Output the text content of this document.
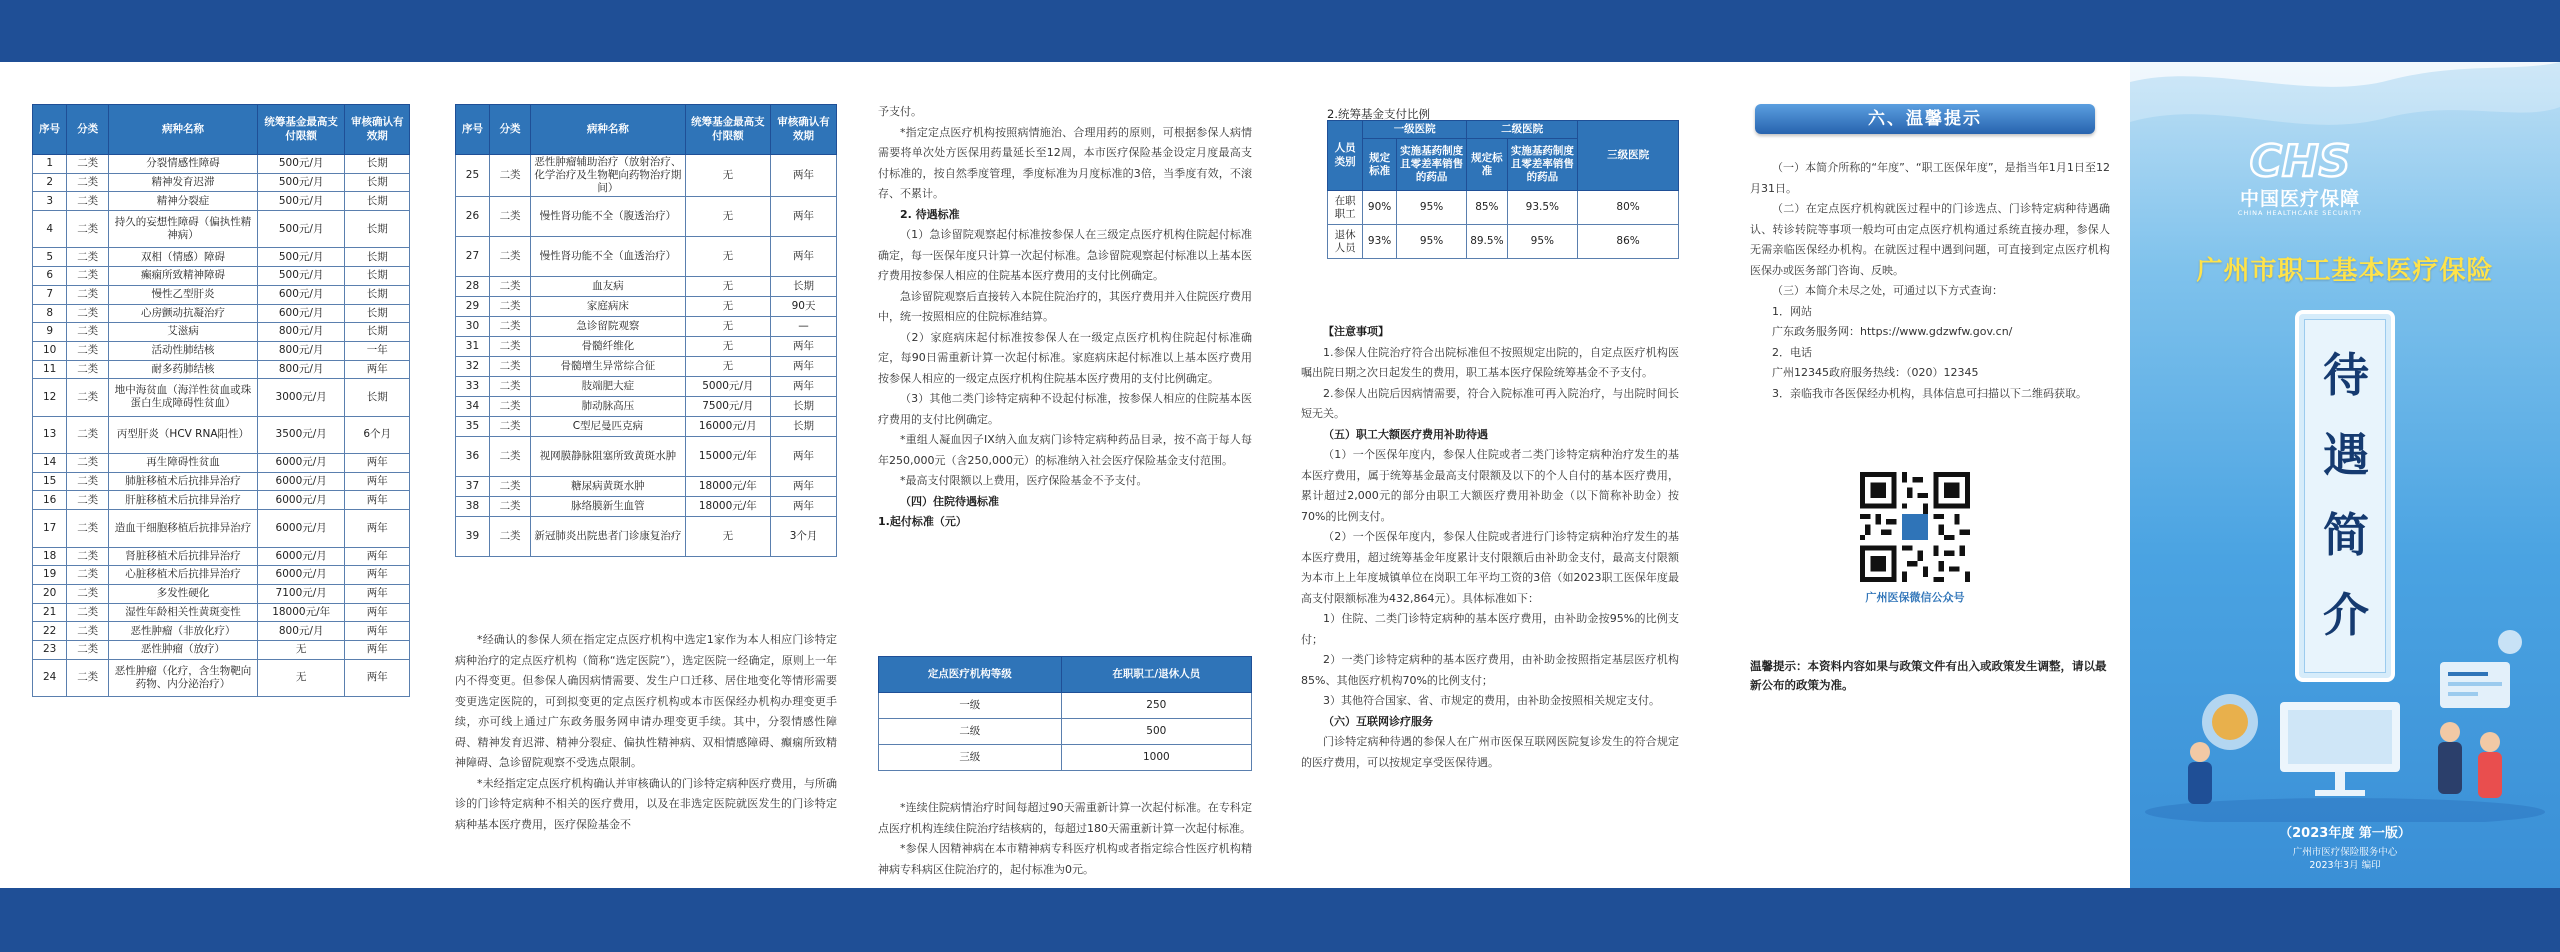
序号	分类	病种名称	统筹基金最高支付限额	审核确认有效期
1	二类	分裂情感性障碍	500元/月	长期
2	二类	精神发育迟滞	500元/月	长期
3	二类	精神分裂症	500元/月	长期
4	二类	持久的妄想性障碍（偏执性精神病）	500元/月	长期
5	二类	双相（情感）障碍	500元/月	长期
6	二类	癫痫所致精神障碍	500元/月	长期
7	二类	慢性乙型肝炎	600元/月	长期
8	二类	心房颤动抗凝治疗	600元/月	长期
9	二类	艾滋病	800元/月	长期
10	二类	活动性肺结核	800元/月	一年
11	二类	耐多药肺结核	800元/月	两年
12	二类	地中海贫血（海洋性贫血或珠蛋白生成障碍性贫血）	3000元/月	长期
13	二类	丙型肝炎（HCV RNA阳性）	3500元/月	6个月
14	二类	再生障碍性贫血	6000元/月	两年
15	二类	肺脏移植术后抗排异治疗	6000元/月	两年
16	二类	肝脏移植术后抗排异治疗	6000元/月	两年
17	二类	造血干细胞移植后抗排异治疗	6000元/月	两年
18	二类	肾脏移植术后抗排异治疗	6000元/月	两年
19	二类	心脏移植术后抗排异治疗	6000元/月	两年
20	二类	多发性硬化	7100元/月	两年
21	二类	湿性年龄相关性黄斑变性	18000元/年	两年
22	二类	恶性肿瘤（非放化疗）	800元/月	两年
23	二类	恶性肿瘤（放疗）	无	两年
24	二类	恶性肿瘤（化疗，含生物靶向药物、内分泌治疗）	无	两年
序号	分类	病种名称	统筹基金最高支付限额	审核确认有效期
25	二类	恶性肿瘤辅助治疗（放射治疗、化学治疗及生物靶向药物治疗期间）	无	两年
26	二类	慢性肾功能不全（腹透治疗）	无	两年
27	二类	慢性肾功能不全（血透治疗）	无	两年
28	二类	血友病	无	长期
29	二类	家庭病床	无	90天
30	二类	急诊留院观察	无	—
31	二类	骨髓纤维化	无	两年
32	二类	骨髓增生异常综合征	无	两年
33	二类	肢端肥大症	5000元/月	两年
34	二类	肺动脉高压	7500元/月	长期
35	二类	C型尼曼匹克病	16000元/月	长期
36	二类	视网膜静脉阻塞所致黄斑水肿	15000元/年	两年
37	二类	糖尿病黄斑水肿	18000元/年	两年
38	二类	脉络膜新生血管	18000元/年	两年
39	二类	新冠肺炎出院患者门诊康复治疗	无	3个月

*经确认的参保人须在指定定点医疗机构中选定1家作为本人相应门诊特定病种治疗的定点医疗机构（简称“选定医院”），选定医院一经确定，原则上一年内不得变更。但参保人确因病情需要、发生户口迁移、居住地变化等情形需要变更选定医院的，可到拟变更的定点医疗机构或本市医保经办机构办理变更手续，亦可线上通过广东政务服务网申请办理变更手续。其中，分裂情感性障碍、精神发育迟滞、精神分裂症、偏执性精神病、双相情感障碍、癫痫所致精神障碍、急诊留院观察不受选点限制。

*未经指定定点医疗机构确认并审核确认的门诊特定病种医疗费用，与所确诊的门诊特定病种不相关的医疗费用，以及在非选定医院就医发生的门诊特定病种基本医疗费用，医疗保险基金不

予支付。

*指定定点医疗机构按照病情施治、合理用药的原则，可根据参保人病情需要将单次处方医保用药量延长至12周，本市医疗保险基金设定月度最高支付标准的，按自然季度管理，季度标准为月度标准的3倍，当季度有效，不滚存、不累计。

2. 待遇标准

（1）急诊留院观察起付标准按参保人在三级定点医疗机构住院起付标准确定，每一医保年度只计算一次起付标准。急诊留院观察起付标准以上基本医疗费用按参保人相应的住院基本医疗费用的支付比例确定。

急诊留院观察后直接转入本院住院治疗的，其医疗费用并入住院医疗费用中，统一按照相应的住院标准结算。

（2）家庭病床起付标准按参保人在一级定点医疗机构住院起付标准确定，每90日需重新计算一次起付标准。家庭病床起付标准以上基本医疗费用按参保人相应的一级定点医疗机构住院基本医疗费用的支付比例确定。

（3）其他二类门诊特定病种不设起付标准，按参保人相应的住院基本医疗费用的支付比例确定。

*重组人凝血因子IX纳入血友病门诊特定病种药品目录，按不高于每人每年250,000元（含250,000元）的标准纳入社会医疗保险基金支付范围。

*最高支付限额以上费用，医疗保险基金不予支付。

（四）住院待遇标准

1.起付标准（元）

定点医疗机构等级	在职职工/退休人员
一级	250
二级	500
三级	1000

*连续住院病情治疗时间每超过90天需重新计算一次起付标准。在专科定点医疗机构连续住院治疗结核病的，每超过180天需重新计算一次起付标准。

*参保人因精神病在本市精神病专科医疗机构或者指定综合性医疗机构精神病专科病区住院治疗的，起付标准为0元。

2.统筹基金支付比例
人员类别	一级医院		二级医院		三级医院
	规定标准	实施基药制度且零差率销售的药品	规定标准	实施基药制度且零差率销售的药品	
在职职工	90%	95%	85%	93.5%	80%
退休人员	93%	95%	89.5%	95%	86%

【注意事项】

1.参保人住院治疗符合出院标准但不按照规定出院的，自定点医疗机构医嘱出院日期之次日起发生的费用，职工基本医疗保险统筹基金不予支付。

2.参保人出院后因病情需要，符合入院标准可再入院治疗，与出院时间长短无关。

（五）职工大额医疗费用补助待遇

（1）一个医保年度内，参保人住院或者二类门诊特定病种治疗发生的基本医疗费用，属于统筹基金最高支付限额及以下的个人自付的基本医疗费用，累计超过2,000元的部分由职工大额医疗费用补助金（以下简称补助金）按70%的比例支付。

（2）一个医保年度内，参保人住院或者进行门诊特定病种治疗发生的基本医疗费用，超过统筹基金年度累计支付限额后由补助金支付，最高支付限额为本市上上年度城镇单位在岗职工年平均工资的3倍（如2023职工医保年度最高支付限额标准为432,864元）。具体标准如下：

1）住院、二类门诊特定病种的基本医疗费用，由补助金按95%的比例支付；

2）一类门诊特定病种的基本医疗费用，由补助金按照指定基层医疗机构85%、其他医疗机构70%的比例支付；

3）其他符合国家、省、市规定的费用，由补助金按照相关规定支付。

（六）互联网诊疗服务

门诊特定病种待遇的参保人在广州市医保互联网医院复诊发生的符合规定的医疗费用，可以按规定享受医保待遇。

六、温馨提示

（一）本简介所称的“年度”、“职工医保年度”，是指当年1月1日至12月31日。

（二）在定点医疗机构就医过程中的门诊选点、门诊特定病种待遇确认、转诊转院等事项一般均可由定点医疗机构通过系统直接办理，参保人无需亲临医保经办机构。在就医过程中遇到问题，可直接到定点医疗机构医保办或医务部门咨询、反映。

（三）本简介未尽之处，可通过以下方式查询：

1．网站

广东政务服务网：https://www.gdzwfw.gov.cn/

2．电话

广州12345政府服务热线：（020）12345

3．亲临我市各医保经办机构，具体信息可扫描以下二维码获取。

广州医保微信公众号
温馨提示：本资料内容如果与政策文件有出入或政策发生调整，请以最新公布的政策为准。
CHS
中国医疗保障
CHINA HEALTHCARE SECURITY
广州市职工基本医疗保险
待
遇
简
介
（2023年度 第一版）
广州市医疗保险服务中心
2023年3月 编印
